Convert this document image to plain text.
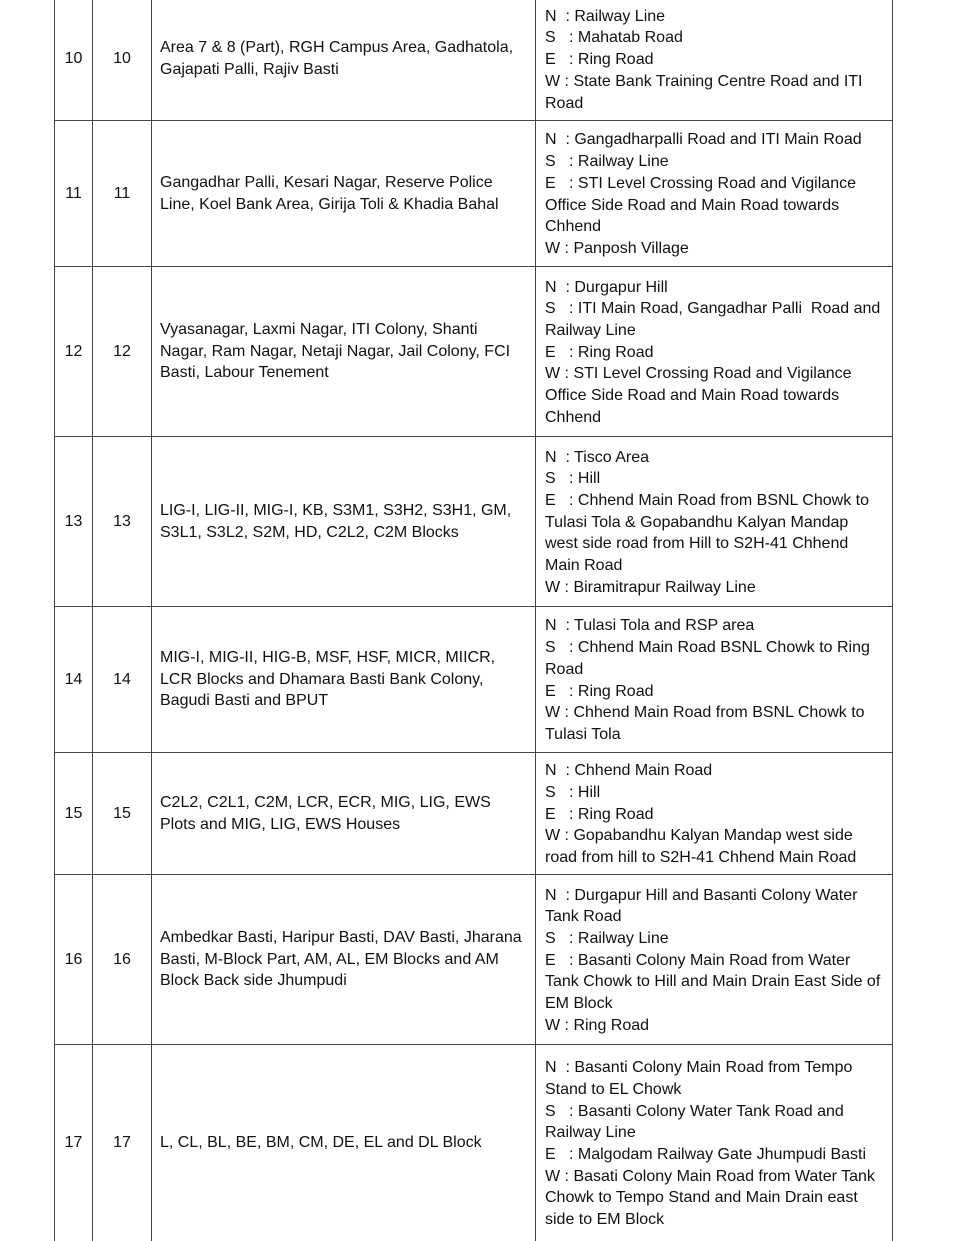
10	10
Area 7 & 8 (Part), RGH Campus Area, Gadhatola, Gajapati Palli, Rajiv Basti
N  : Railway Line
S   : Mahatab Road
E   : Ring Road
W : State Bank Training Centre Road and ITI Road
11	11
Gangadhar Palli, Kesari Nagar, Reserve Police Line, Koel Bank Area, Girija Toli & Khadia Bahal
N  : Gangadharpalli Road and ITI Main Road
S   : Railway Line
E   : STI Level Crossing Road and Vigilance Office Side Road and Main Road towards Chhend
W : Panposh Village
12	12
Vyasanagar, Laxmi Nagar, ITI Colony, Shanti Nagar, Ram Nagar, Netaji Nagar, Jail Colony, FCI Basti, Labour Tenement
N  : Durgapur Hill
S   : ITI Main Road, Gangadhar Palli  Road and Railway Line
E   : Ring Road
W : STI Level Crossing Road and Vigilance Office Side Road and Main Road towards Chhend
13	13
LIG-I, LIG-II, MIG-I, KB, S3M1, S3H2, S3H1, GM, S3L1, S3L2, S2M, HD, C2L2, C2M Blocks
N  : Tisco Area
S   : Hill
E   : Chhend Main Road from BSNL Chowk to Tulasi Tola & Gopabandhu Kalyan Mandap west side road from Hill to S2H-41 Chhend Main Road
W : Biramitrapur Railway Line
14	14
MIG-I, MIG-II, HIG-B, MSF, HSF, MICR, MIICR, LCR Blocks and Dhamara Basti Bank Colony, Bagudi Basti and BPUT
N  : Tulasi Tola and RSP area
S   : Chhend Main Road BSNL Chowk to Ring Road
E   : Ring Road
W : Chhend Main Road from BSNL Chowk to Tulasi Tola
15	15
C2L2, C2L1, C2M, LCR, ECR, MIG, LIG, EWS Plots and MIG, LIG, EWS Houses
N  : Chhend Main Road
S   : Hill
E   : Ring Road
W : Gopabandhu Kalyan Mandap west side road from hill to S2H-41 Chhend Main Road
16	16
Ambedkar Basti, Haripur Basti, DAV Basti, Jharana Basti, M-Block Part, AM, AL, EM Blocks and AM Block Back side Jhumpudi
N  : Durgapur Hill and Basanti Colony Water Tank Road
S   : Railway Line
E   : Basanti Colony Main Road from Water Tank Chowk to Hill and Main Drain East Side of EM Block
W : Ring Road
17	17	L, CL, BL, BE, BM, CM, DE, EL and DL Block
N  : Basanti Colony Main Road from Tempo Stand to EL Chowk
S   : Basanti Colony Water Tank Road and Railway Line
E   : Malgodam Railway Gate Jhumpudi Basti
W : Basati Colony Main Road from Water Tank Chowk to Tempo Stand and Main Drain east side to EM Block
